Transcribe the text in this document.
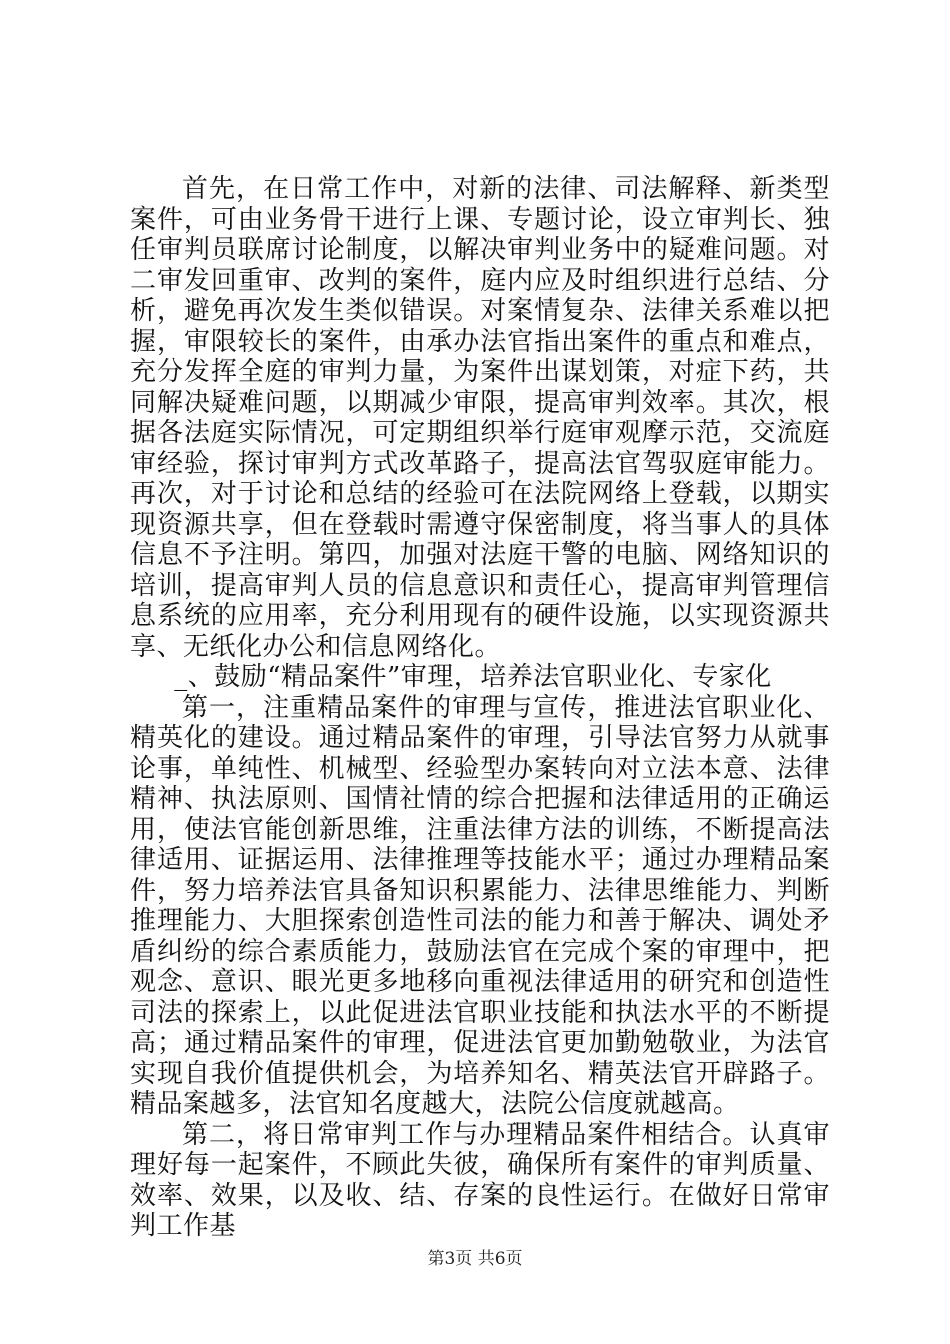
首先，在日常工作中，对新的法律、司法解释、新类型案件，可由业务骨干进行上课、专题讨论，设立审判长、独任审判员联席讨论制度，以解决审判业务中的疑难问题。对二审发回重审、改判的案件，庭内应及时组织进行总结、分析，避免再次发生类似错误。对案情复杂、法律关系难以把握，审限较长的案件，由承办法官指出案件的重点和难点，充分发挥全庭的审判力量，为案件出谋划策，对症下药，共同解决疑难问题，以期减少审限，提高审判效率。其次，根据各法庭实际情况，可定期组织举行庭审观摩示范，交流庭审经验，探讨审判方式改革路子，提高法官驾驭庭审能力。再次，对于讨论和总结的经验可在法院网络上登载，以期实现资源共享，但在登载时需遵守保密制度，将当事人的具体信息不予注明。第四，加强对法庭干警的电脑、网络知识的培训，提高审判人员的信息意识和责任心，提高审判管理信息系统的应用率，充分利用现有的硬件设施，以实现资源共享、无纸化办公和信息网络化。

_、鼓励“精品案件”审理，培养法官职业化、专家化

第一，注重精品案件的审理与宣传，推进法官职业化、精英化的建设。通过精品案件的审理，引导法官努力从就事论事，单纯性、机械型、经验型办案转向对立法本意、法律精神、执法原则、国情社情的综合把握和法律适用的正确运用，使法官能创新思维，注重法律方法的训练，不断提高法律适用、证据运用、法律推理等技能水平；通过办理精品案件，努力培养法官具备知识积累能力、法律思维能力、判断推理能力、大胆探索创造性司法的能力和善于解决、调处矛盾纠纷的综合素质能力，鼓励法官在完成个案的审理中，把观念、意识、眼光更多地移向重视法律适用的研究和创造性司法的探索上，以此促进法官职业技能和执法水平的不断提高；通过精品案件的审理，促进法官更加勤勉敬业，为法官实现自我价值提供机会，为培养知名、精英法官开辟路子。精品案越多，法官知名度越大，法院公信度就越高。

第二，将日常审判工作与办理精品案件相结合。认真审理好每一起案件，不顾此失彼，确保所有案件的审判质量、效率、效果，以及收、结、存案的良性运行。在做好日常审判工作基

第3页 共6页
